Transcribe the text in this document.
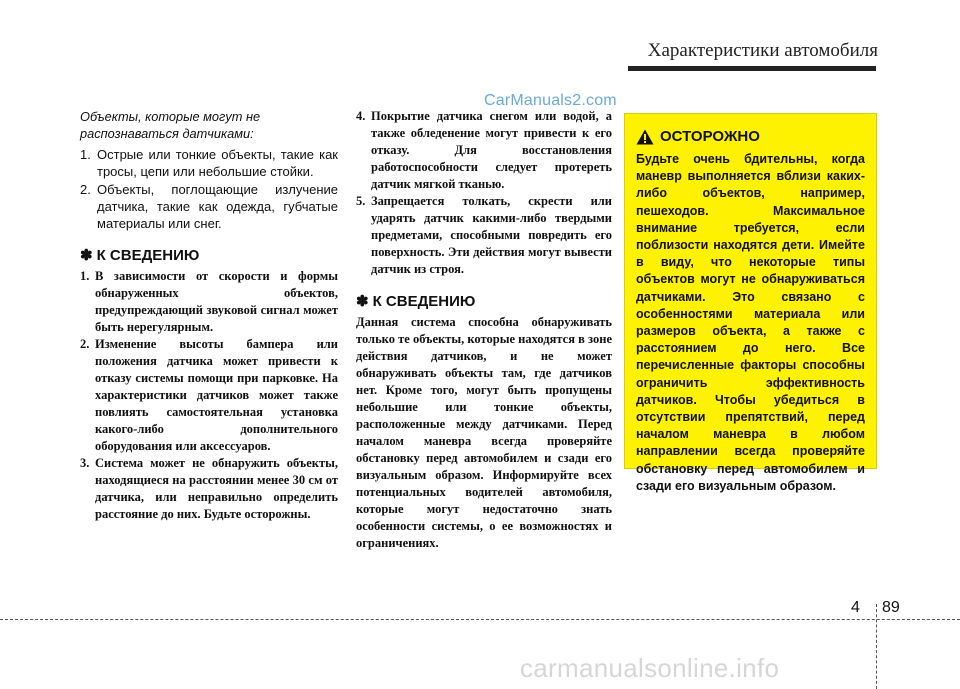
Характеристики автомобиля
CarManuals2.com

Объекты, которые могут не распознаваться датчиками:

1. Острые или тонкие объекты, такие как тросы, цепи или небольшие стойки.

2. Объекты, поглощающие излучение датчика, такие как одежда, губчатые материалы или снег.

✽ К СВЕДЕНИЮ

1. В зависимости от скорости и формы обнаруженных объектов, предупреждающий звуковой сигнал может быть нерегулярным.

2. Изменение высоты бампера или положения датчика может привести к отказу системы помощи при парковке. На характеристики датчиков может также повлиять самостоятельная установка какого-либо дополнительного оборудования или аксессуаров.

3. Система может не обнаружить объекты, находящиеся на расстоянии менее 30 см от датчика, или неправильно определить расстояние до них. Будьте осторожны.

4. Покрытие датчика снегом или водой, а также обледенение могут привести к его отказу. Для восстановления работоспособности следует протереть датчик мягкой тканью.

5. Запрещается толкать, скрести или ударять датчик какими-либо твердыми предметами, способными повредить его поверхность. Эти действия могут вывести датчик из строя.

✽ К СВЕДЕНИЮ

Данная система способна обнаруживать только те объекты, которые находятся в зоне действия датчиков, и не может обнаруживать объекты там, где датчиков нет. Кроме того, могут быть пропущены небольшие или тонкие объекты, расположенные между датчиками. Перед началом маневра всегда проверяйте обстановку перед автомобилем и сзади его визуальным образом. Информируйте всех потенциальных водителей автомобиля, которые могут недостаточно знать особенности системы, о ее возможностях и ограничениях.

ОСТОРОЖНО

Будьте очень бдительны, когда маневр выполняется вблизи каких-либо объектов, например, пешеходов. Максимальное внимание требуется, если поблизости находятся дети. Имейте в виду, что некоторые типы объектов могут не обнаруживаться датчиками. Это связано с особенностями материала или размеров объекта, а также с расстоянием до него. Все перечисленные факторы способны ограничить эффективность датчиков. Чтобы убедиться в отсутствии препятствий, перед началом маневра в любом направлении всегда проверяйте обстановку перед автомобилем и сзади его визуальным образом.

4 89
carmanualsonline.info
